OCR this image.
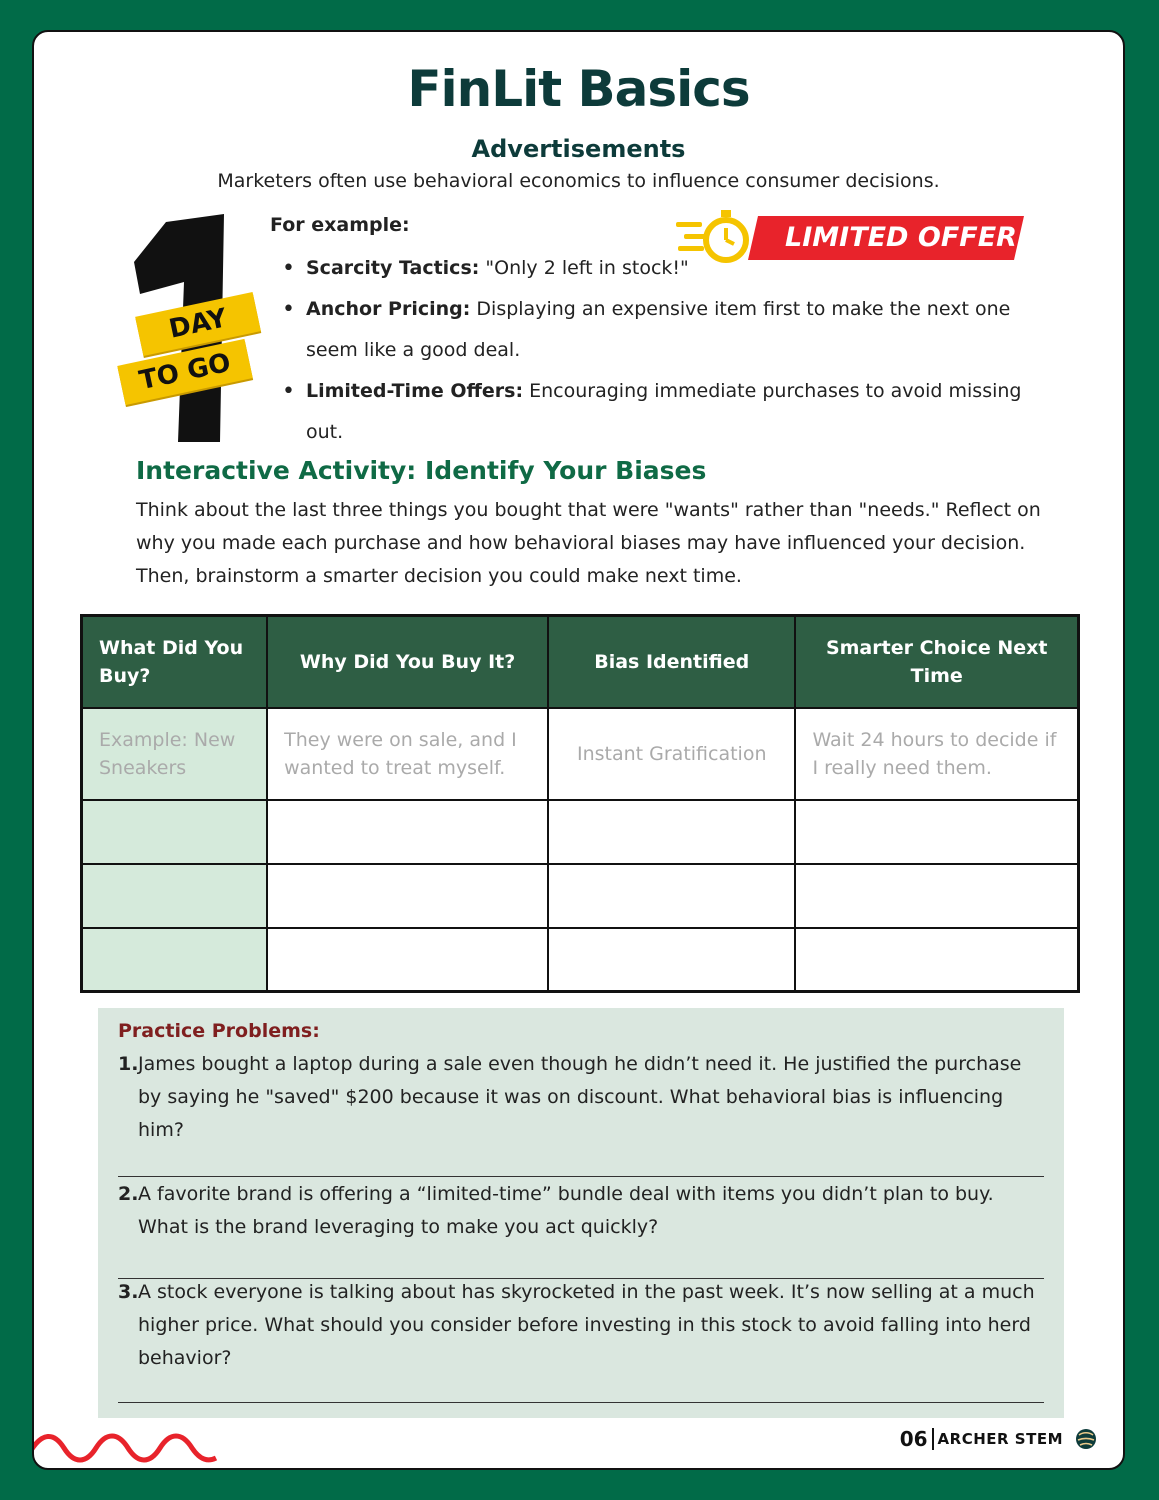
FinLit Basics
Advertisements
Marketers often use behavioral economics to influence consumer decisions.
DAY
TO GO
LIMITED OFFER
For example:
• Scarcity Tactics: "Only 2 left in stock!"
• Anchor Pricing: Displaying an expensive item first to make the next one seem like a good deal.
• Limited-Time Offers: Encouraging immediate purchases to avoid missing out.
Interactive Activity: Identify Your Biases
Think about the last three things you bought that were "wants" rather than "needs." Reflect on why you made each purchase and how behavioral biases may have influenced your decision. Then, brainstorm a smarter decision you could make next time.
What Did You Buy?	Why Did You Buy It?	Bias Identified	Smarter Choice Next Time
Example: New Sneakers	They were on sale, and I wanted to treat myself.	Instant Gratification	Wait 24 hours to decide if I really need them.

Practice Problems:
1. James bought a laptop during a sale even though he didn’t need it. He justified the purchase by saying he "saved" $200 because it was on discount. What behavioral bias is influencing him?
2. A favorite brand is offering a “limited-time” bundle deal with items you didn’t plan to buy. What is the brand leveraging to make you act quickly?
3. A stock everyone is talking about has skyrocketed in the past week. It’s now selling at a much higher price. What should you consider before investing in this stock to avoid falling into herd behavior?
06 ARCHER STEM
